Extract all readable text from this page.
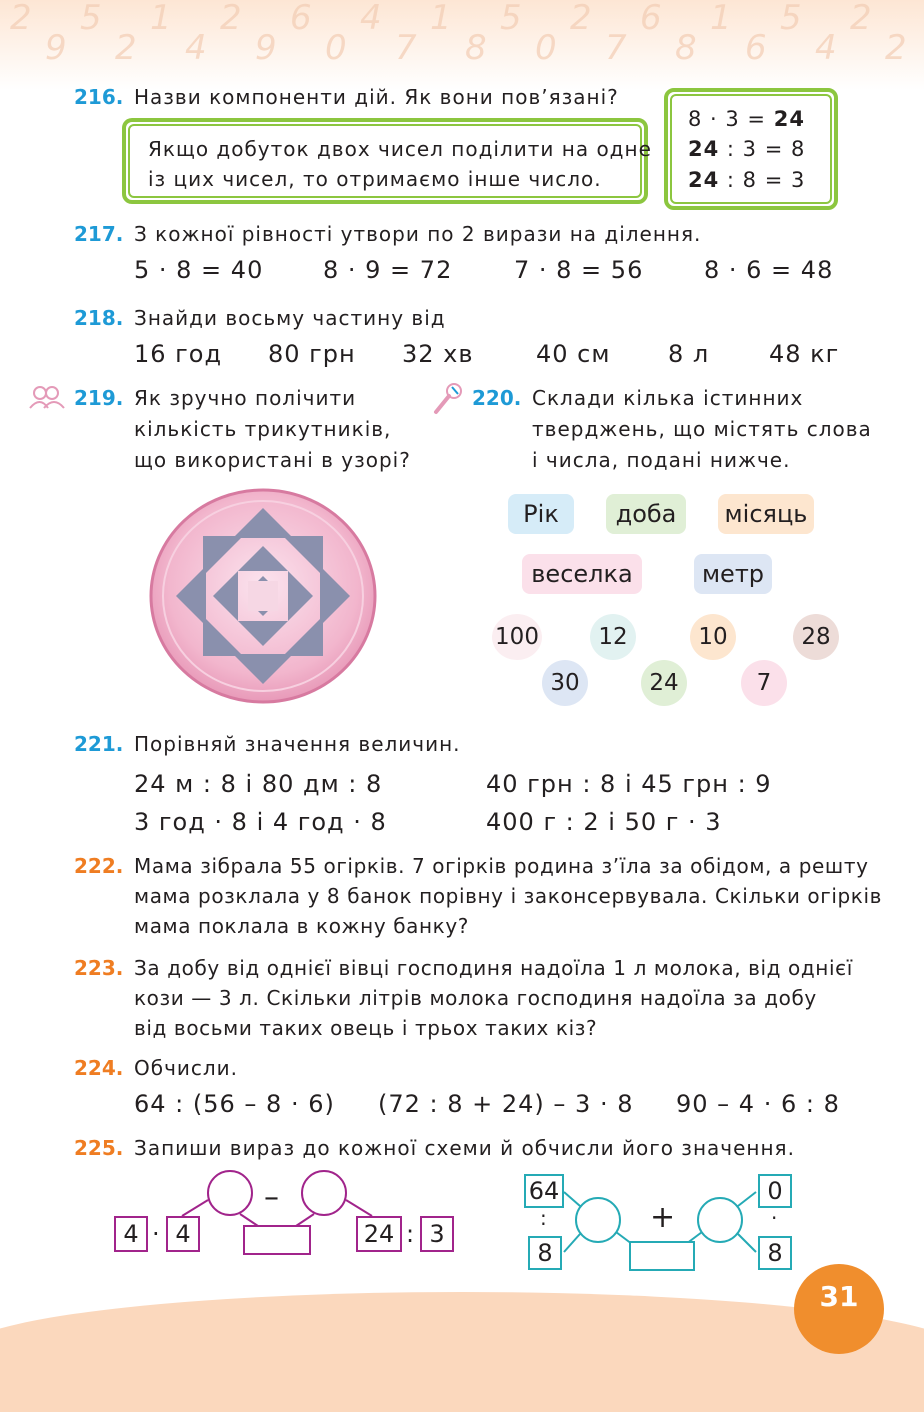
2 5 1 2 6 4 1 5 2 6 1 5 2
9 2 4 9 0 7 8 0 7 8 6 4 2
31
216. Назви компоненти дій. Як вони пов’язані?
Якщо добуток двох чисел поділити на одне
із цих чисел, то отримаємо інше число.
8 · 3 = 24
24 : 3 = 8
24 : 8 = 3
217. З кожної рівності утвори по 2 вирази на ділення.
5 · 8 = 40 8 · 9 = 72	7 · 8 = 56	8 · 6 = 48
218. Знайди восьму частину від
16 год 80 грн 32 хв	40 см 8 л 48 кг
219. Як зручно полічити
кількість трикутників,
що використані в узорі?
220. Склади кілька істинних
тверджень, що містять слова
і числа, подані нижче.
Рік	доба	місяць
веселка	метр
100	12	10	28
30	24	7
221. Порівняй значення величин.
24 м : 8 і 80 дм : 8	40 грн : 8 і 45 грн : 9
3 год · 8 і 4 год · 8	400 г : 2 і 50 г · 3
222. Мама зібрала 55 огірків. 7 огірків родина з’їла за обідом, а решту
мама розклала у 8 банок порівну і законсервувала. Скільки огірків
мама поклала в кожну банку?
223. За добу від однієї вівці господиня надоїла 1 л молока, від однієї
кози — 3 л. Скільки літрів молока господиня надоїла за добу
від восьми таких овець і трьох таких кіз?
224. Обчисли.
64 : (56 – 8 · 6) (72 : 8 + 24) – 3 · 8 90 – 4 · 6 : 8
225. Запиши вираз до кожної схеми й обчисли його значення.
4 · 4
–
24 : 3
64
:
8
+
0
·
8
